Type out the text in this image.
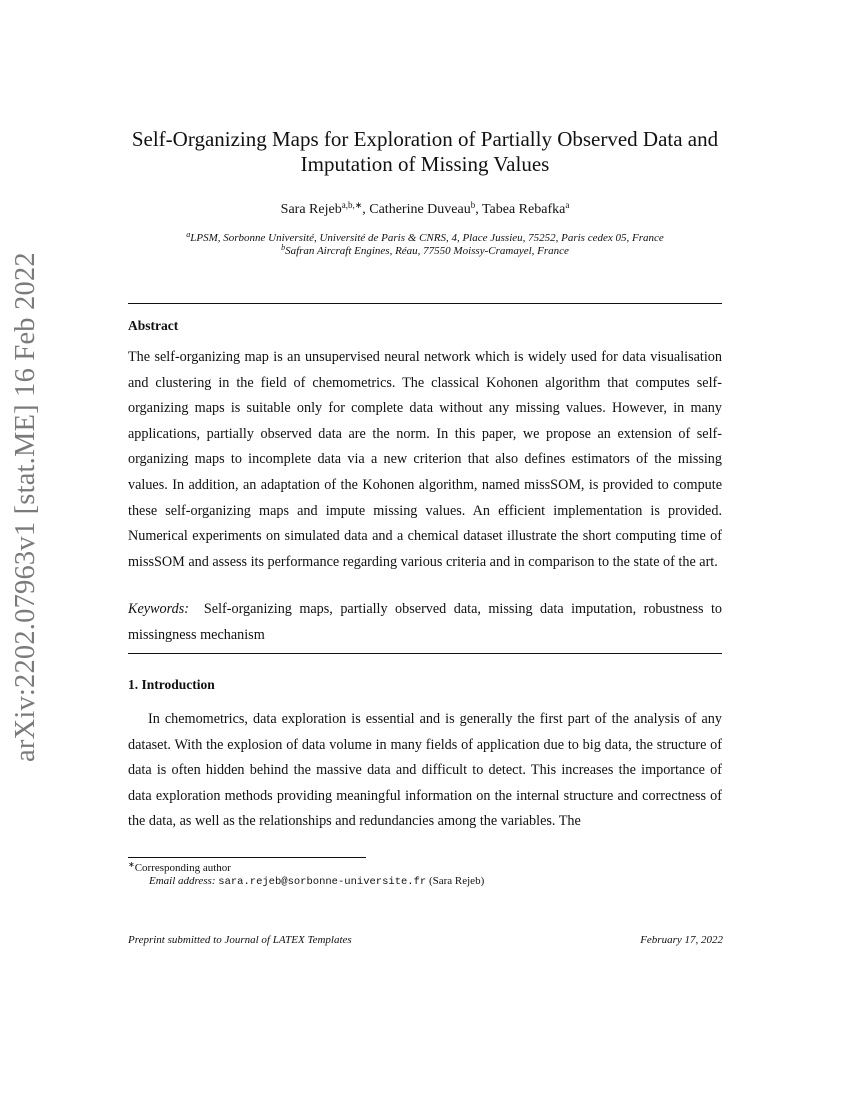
arXiv:2202.07963v1 [stat.ME] 16 Feb 2022
Self-Organizing Maps for Exploration of Partially Observed Data and
Imputation of Missing Values
Sara Rejeb$^{a,b,∗}$, Catherine Duveau$^b$, Tabea Rebafka$^a$
$^a$LPSM, Sorbonne Université, Université de Paris & CNRS, 4, Place Jussieu, 75252, Paris cedex 05, France
$^b$Safran Aircraft Engines, Réau, 77550 Moissy-Cramayel, France
Abstract

The self-organizing map is an unsupervised neural network which is widely used for data visualisation and clustering in the field of chemometrics. The classical Kohonen algorithm that computes self-organizing maps is suitable only for complete data without any missing values. However, in many applications, partially observed data are the norm. In this paper, we propose an extension of self-organizing maps to incomplete data via a new criterion that also defines estimators of the missing values. In addition, an adaptation of the Kohonen algorithm, named missSOM, is provided to compute these self-organizing maps and impute missing values. An efficient implementation is provided. Numerical experiments on simulated data and a chemical dataset illustrate the short computing time of missSOM and assess its performance regarding various criteria and in comparison to the state of the art.

Keywords: Self-organizing maps, partially observed data, missing data imputation, robustness to missingness mechanism

1. Introduction

In chemometrics, data exploration is essential and is generally the first part of the analysis of any dataset. With the explosion of data volume in many fields of application due to big data, the structure of data is often hidden behind the massive data and difficult to detect. This increases the importance of data exploration methods providing meaningful information on the internal structure and correctness of the data, as well as the relationships and redundancies among the variables. The

∗Corresponding author
Email address: sara.rejeb@sorbonne-universite.fr (Sara Rejeb)
Preprint submitted to Journal of LATEX Templates	February 17, 2022
